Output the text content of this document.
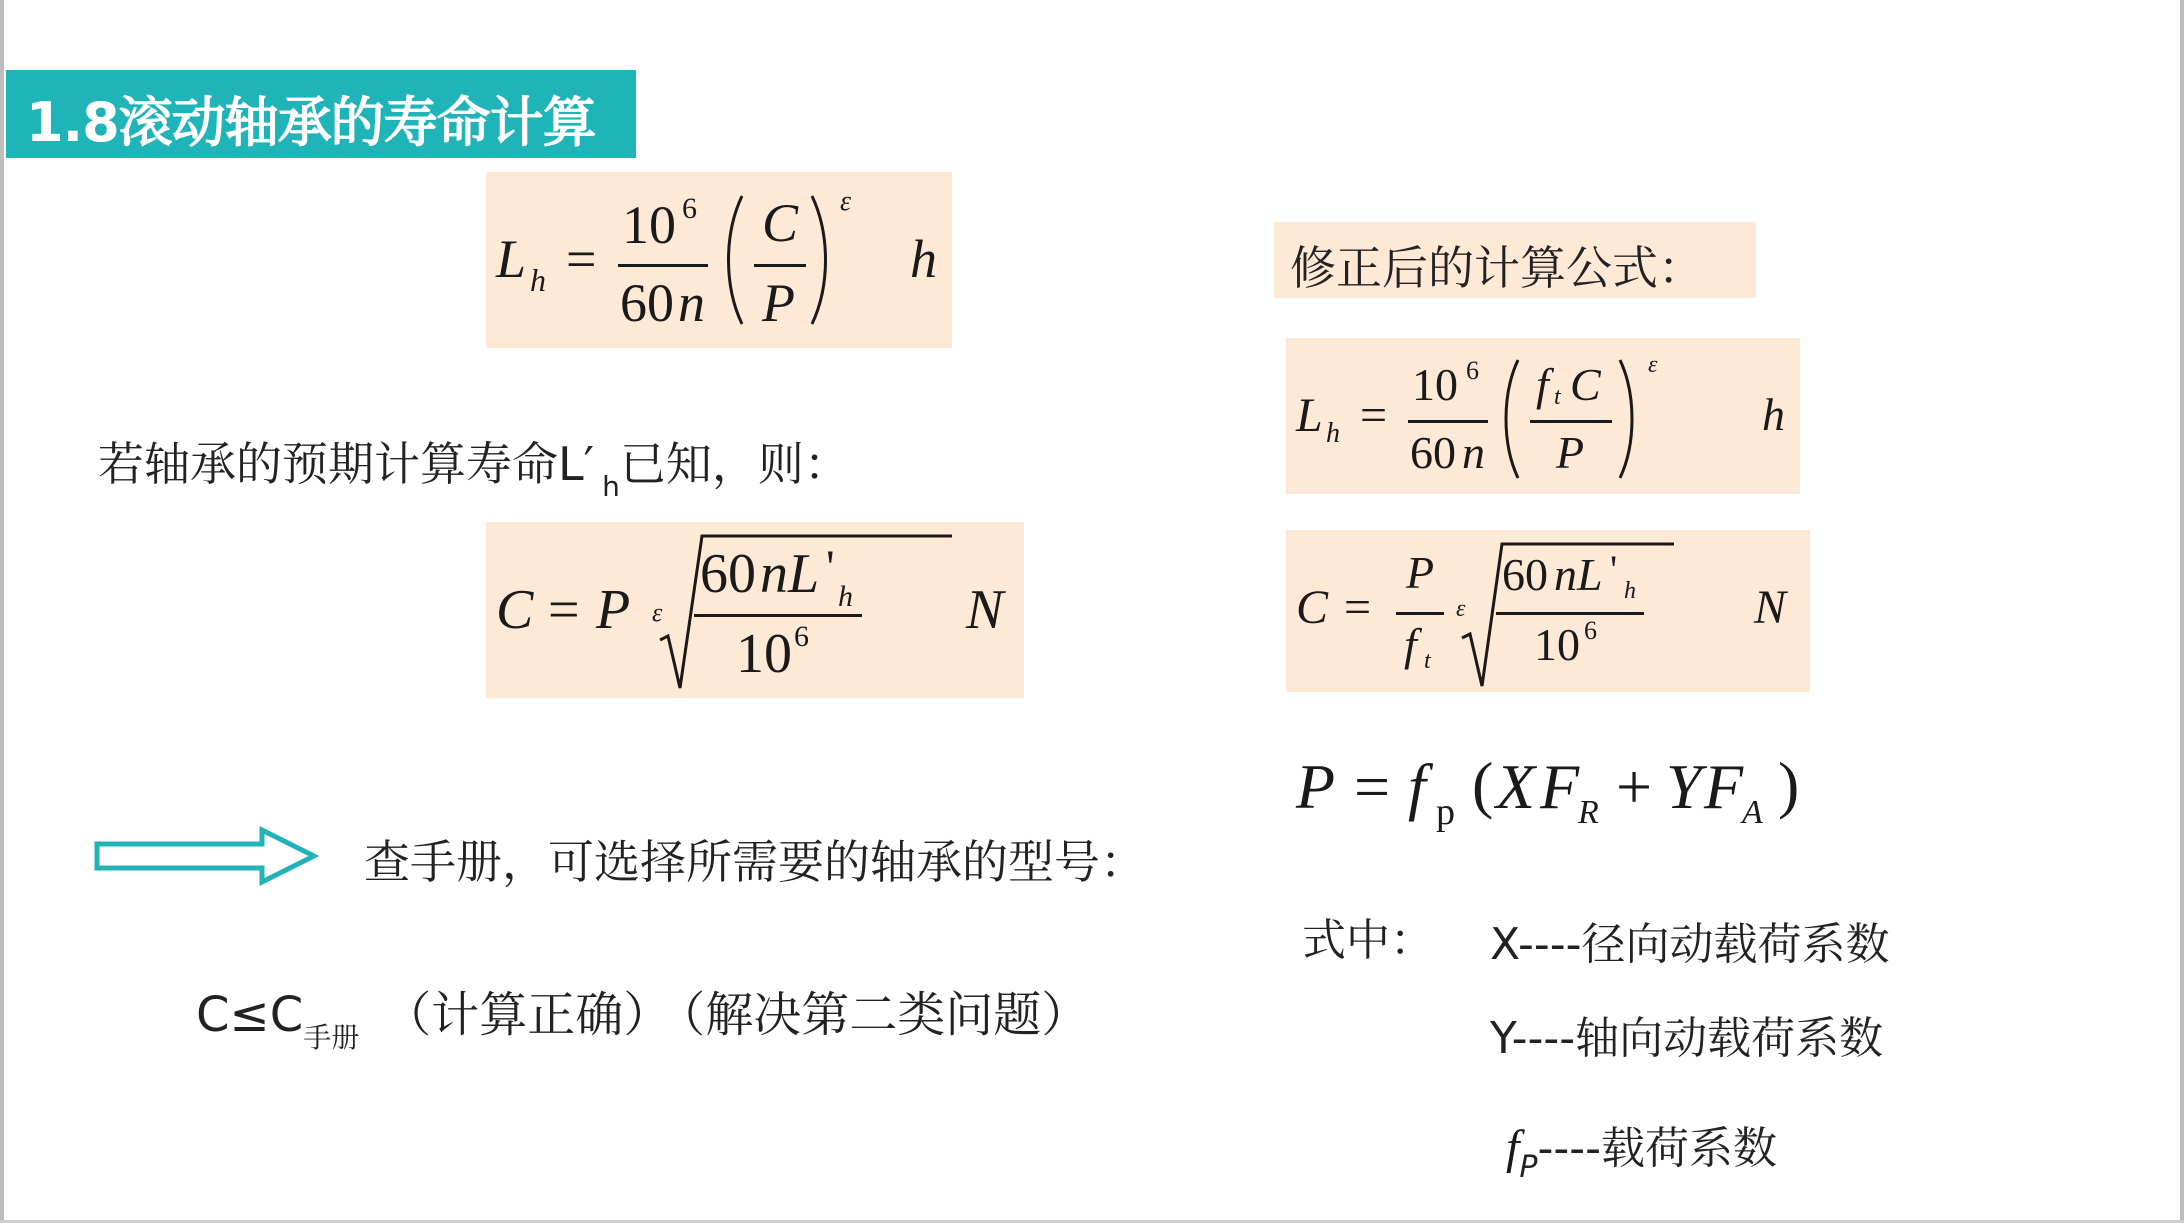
1.8滚动轴承的寿命计算
L h =
10 6
60 n
C
P
ε
h
若轴承的预期计算寿命L′ $_h$已知，则：
C = P ε
60 nL '
h
10 6	N
查手册，可选择所需要的轴承的型号：
$C\le C_{手册}$ （计算正确） （解决第二类问题）
修正后的计算公式：
L h =
10 6
60 n
f t C
P
ε
h
C =
P
f t
ε
60 nL ' h
10 6	N
P = f p ( X F
R + Y F
A )
式中： X----径向动载荷系数
Y----轴向动载荷系数
$f_P----$载荷系数
